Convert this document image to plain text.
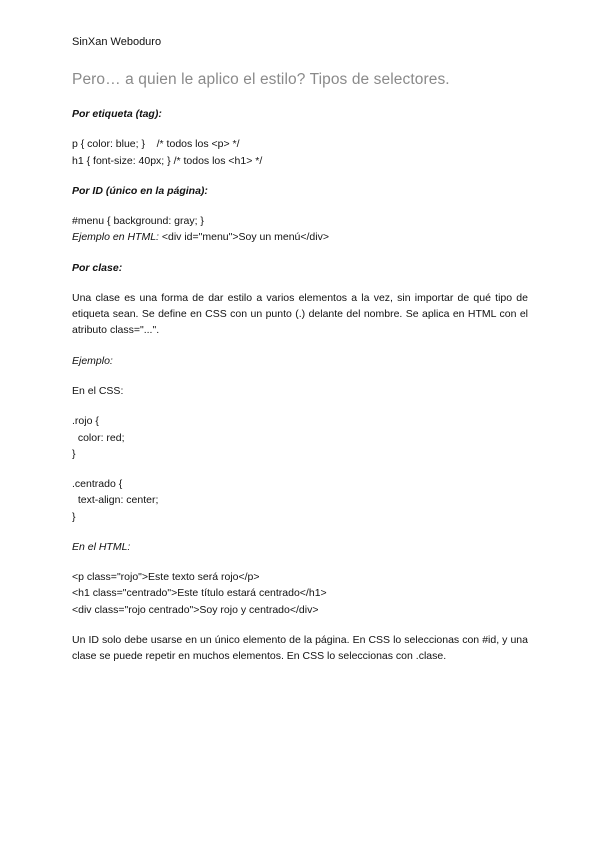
SinXan Weboduro

Pero… a quien le aplico el estilo? Tipos de selectores.

Por etiqueta (tag):

p { color: blue; }    /* todos los <p> */

h1 { font-size: 40px; } /* todos los <h1> */

Por ID (único en la página):

#menu { background: gray; }

Ejemplo en HTML: <div id="menu">Soy un menú</div>

Por clase:

Una clase es una forma de dar estilo a varios elementos a la vez, sin importar de qué tipo de etiqueta sean. Se define en CSS con un punto (.) delante del nombre. Se aplica en HTML con el atributo class="...".

Ejemplo:

En el CSS:

.rojo {

color: red;

}

.centrado {

text-align: center;

}

En el HTML:

<p class="rojo">Este texto será rojo</p>

<h1 class="centrado">Este título estará centrado</h1>

<div class="rojo centrado">Soy rojo y centrado</div>

Un ID solo debe usarse en un único elemento de la página. En CSS lo seleccionas con #id, y una clase se puede repetir en muchos elementos. En CSS lo seleccionas con .clase.
